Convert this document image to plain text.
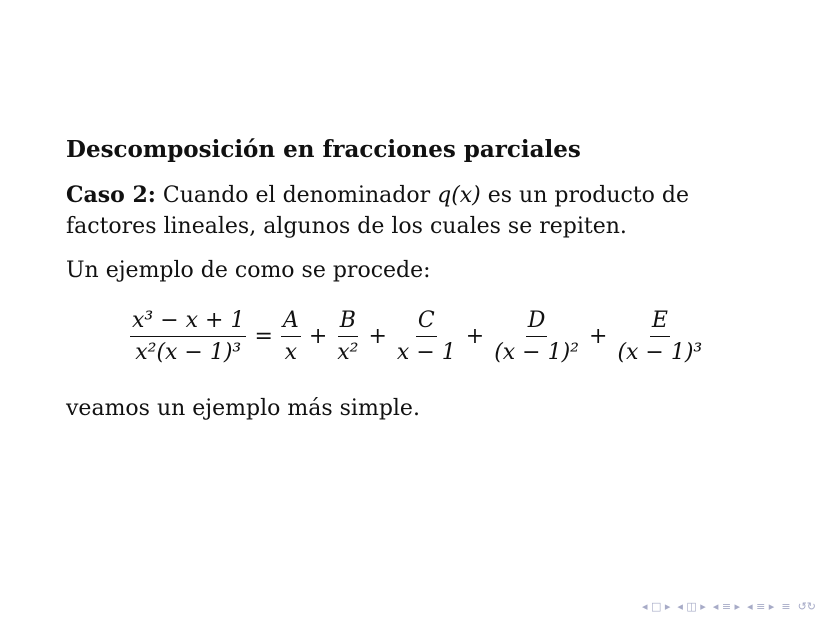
Descomposición en fracciones parciales
Caso 2: Cuando el denominador q(x) es un producto de factores lineales, algunos de los cuales se repiten.
Un ejemplo de como se procede:
$\frac{\text{x³ − x + 1}}{\text{x²(x − 1)³}} = \frac{A}{x} + \frac{B}{\text{x²}} + \frac{C}{x - 1} + \frac{D}{\text{(x − 1)²}} + \frac{E}{\text{(x − 1)³}}$
veamos un ejemplo más simple.
◂ □ ▸ ◂ ◫ ▸ ◂ ≡ ▸ ◂ ≡ ▸ ≡ ↺↻
